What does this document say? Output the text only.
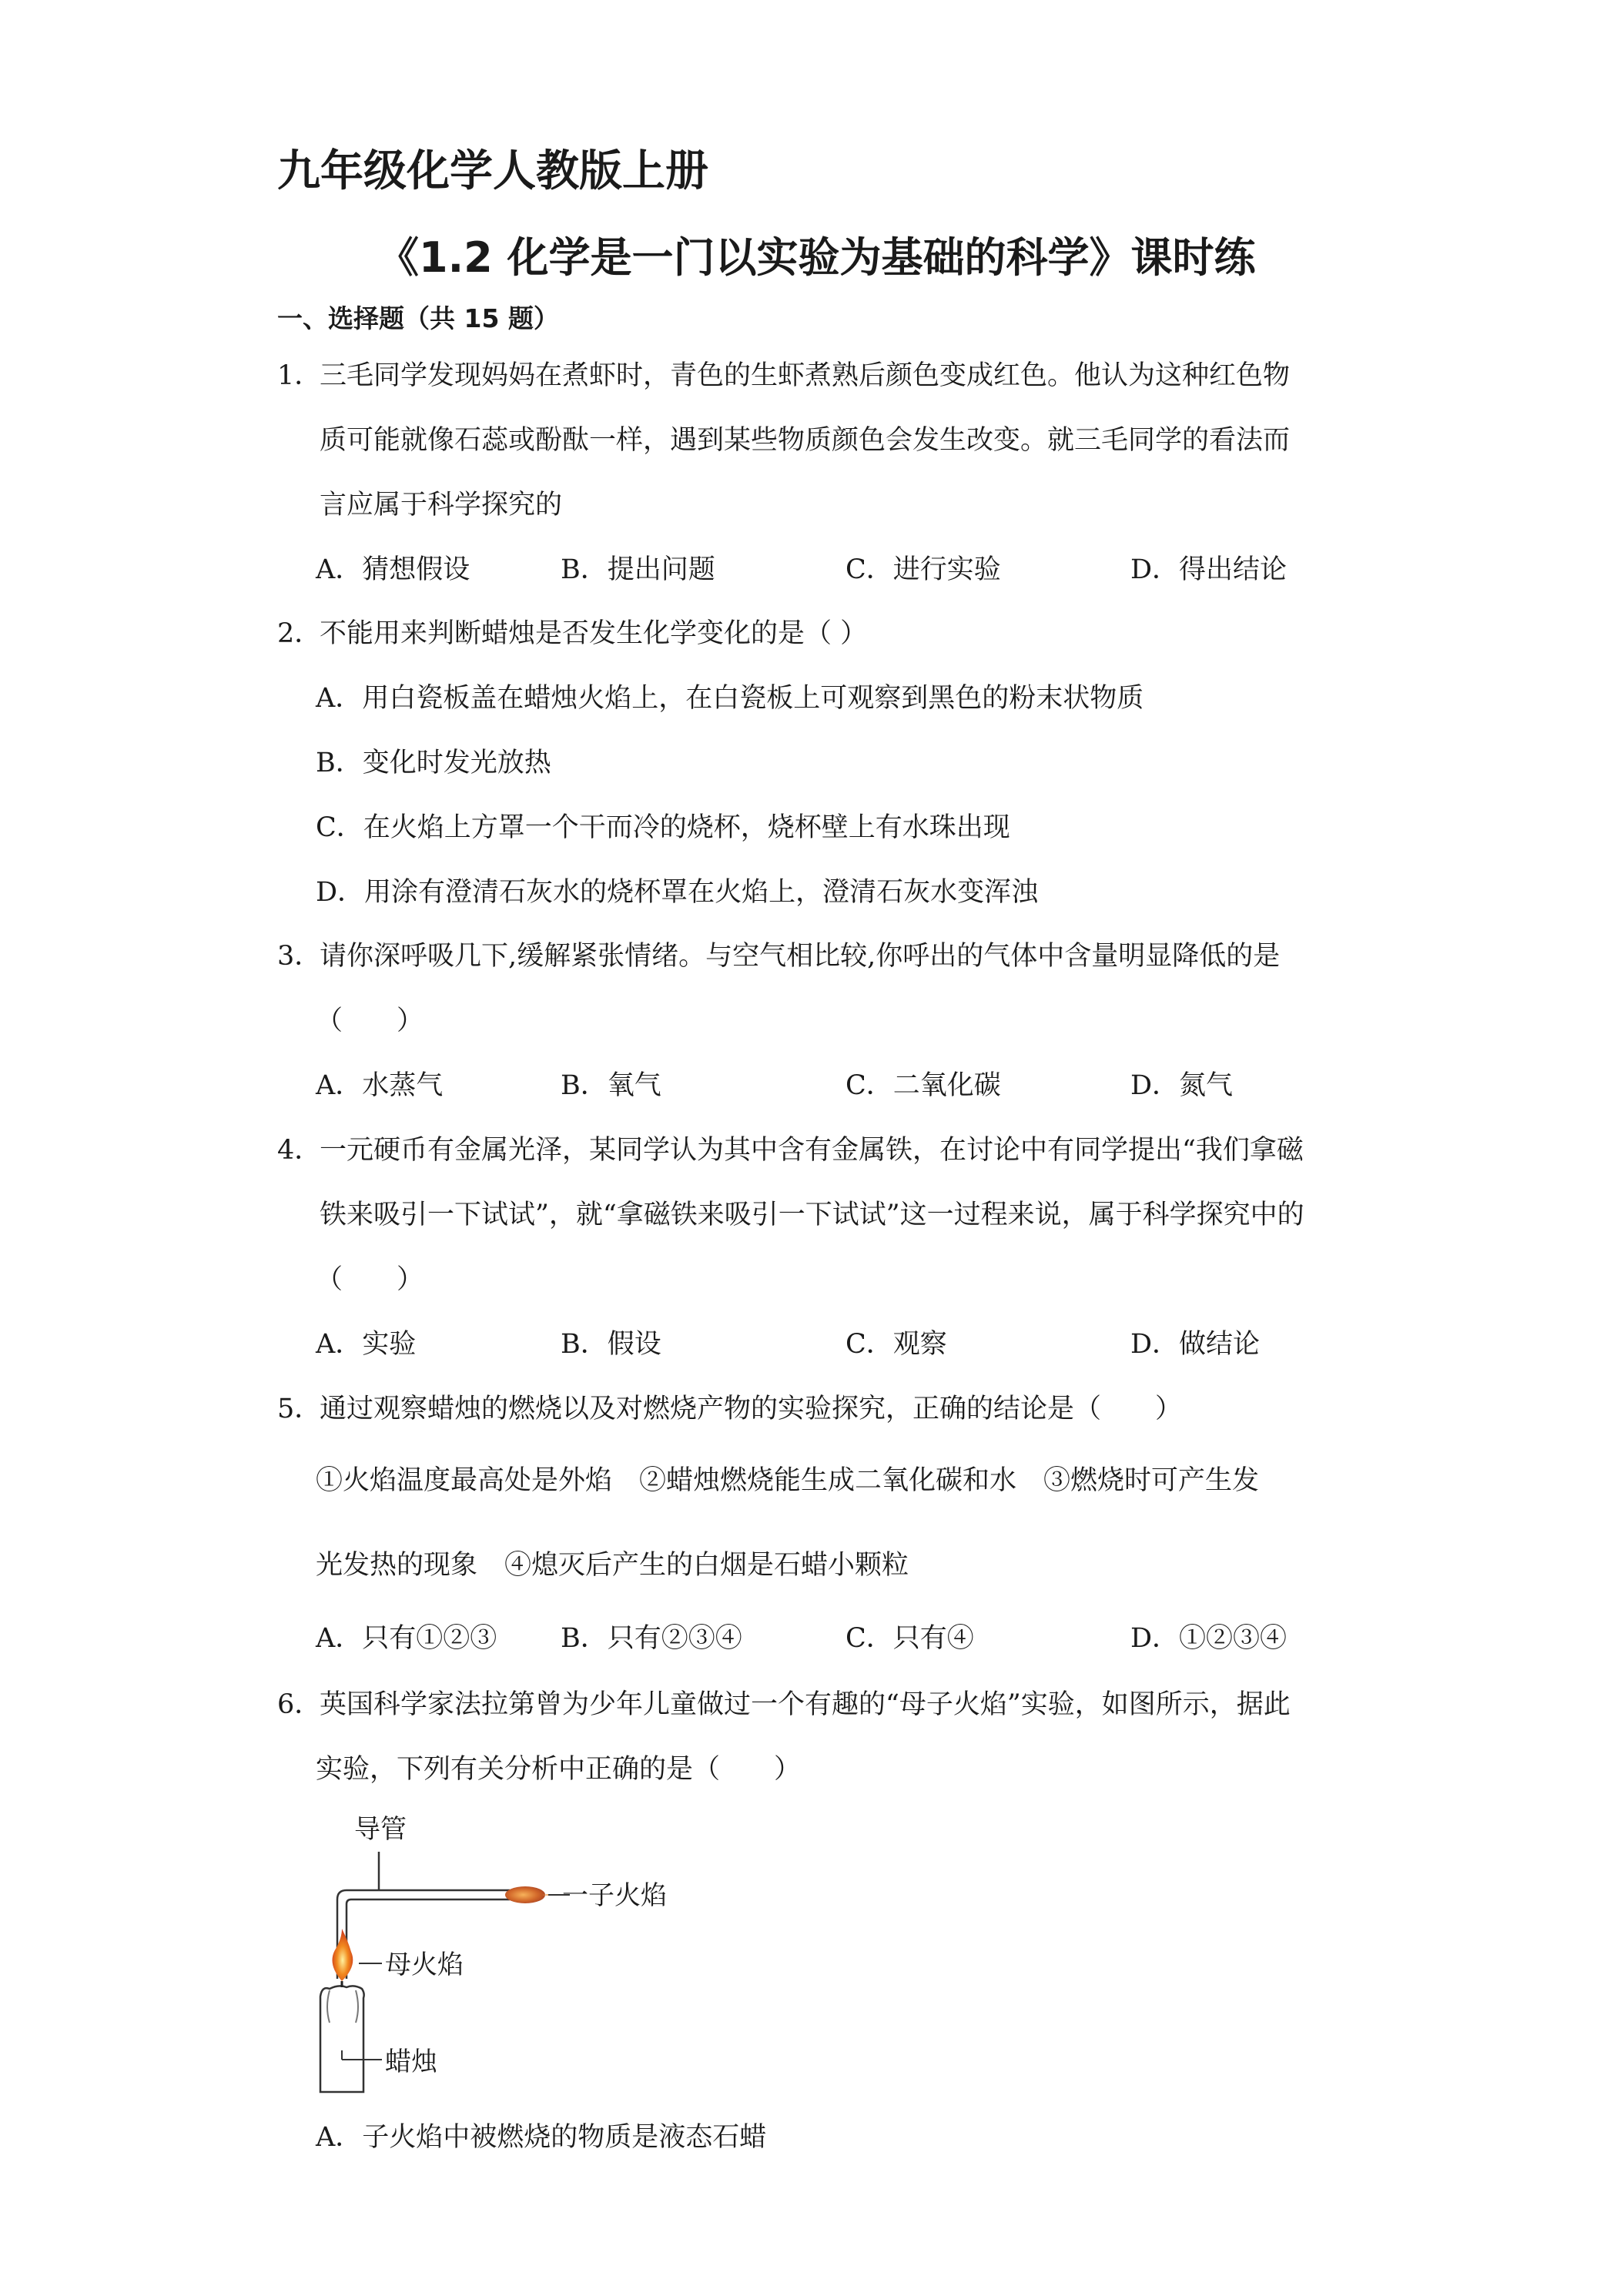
九年级化学人教版上册
《1.2 化学是一门以实验为基础的科学》课时练
一、选择题（共 15 题）
1．
三毛同学发现妈妈在煮虾时，青色的生虾煮熟后颜色变成红色。他认为这种红色物
质可能就像石蕊或酚酞一样，遇到某些物质颜色会发生改变。就三毛同学的看法而
言应属于科学探究的
A．猜想假设	B．提出问题	C．进行实验	D．得出结论
2．
不能用来判断蜡烛是否发生化学变化的是（ ）
A．用白瓷板盖在蜡烛火焰上，在白瓷板上可观察到黑色的粉末状物质
B．变化时发光放热
C．在火焰上方罩一个干而冷的烧杯，烧杯壁上有水珠出现
D．用涂有澄清石灰水的烧杯罩在火焰上，澄清石灰水变浑浊
3．
请你深呼吸几下,缓解紧张情绪。与空气相比较,你呼出的气体中含量明显降低的是
（　　）
A．水蒸气	B．氧气	C．二氧化碳	D．氮气
4．
一元硬币有金属光泽，某同学认为其中含有金属铁，在讨论中有同学提出“我们拿磁
铁来吸引一下试试”，就“拿磁铁来吸引一下试试”这一过程来说，属于科学探究中的
（　　）
A．实验	B．假设	C．观察	D．做结论
5．
通过观察蜡烛的燃烧以及对燃烧产物的实验探究，正确的结论是（　　）
①火焰温度最高处是外焰　②蜡烛燃烧能生成二氧化碳和水　③燃烧时可产生发
光发热的现象　④熄灭后产生的白烟是石蜡小颗粒
A．只有①②③ B．只有②③④	C．只有④	D．①②③④
6．
英国科学家法拉第曾为少年儿童做过一个有趣的“母子火焰”实验，如图所示，据此
实验，下列有关分析中正确的是（　　）
导管
一子火焰
母火焰
蜡烛
A．子火焰中被燃烧的物质是液态石蜡
